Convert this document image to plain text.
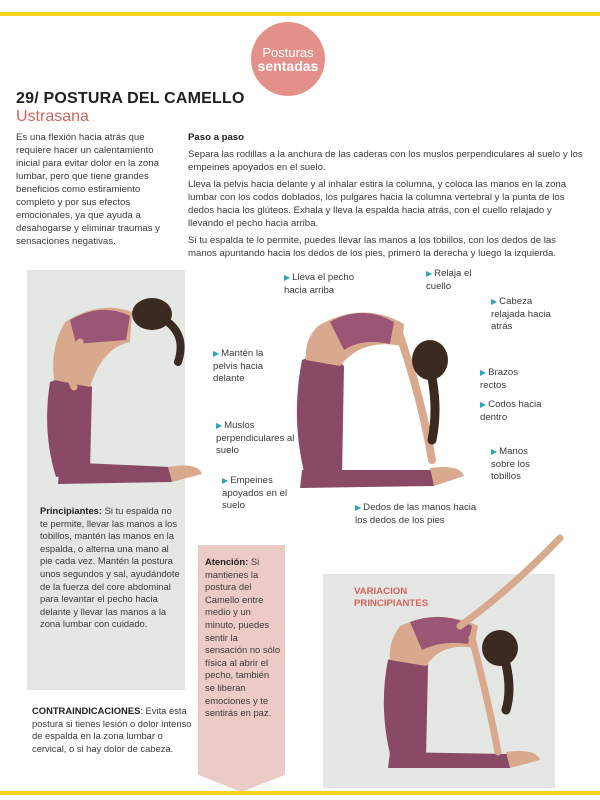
Posturas
sentadas
29/ POSTURA DEL CAMELLO
Ustrasana
Es una flexión hacia atrás que requiere hacer un calentamiento inicial para evitar dolor en la zona lumbar, pero que tiene grandes beneficios como estiramiento completo y por sus efectos emocionales, ya que ayuda a desahogarse y eliminar traumas y sensaciones negativas.

Paso a paso

Separa las rodillas a la anchura de las caderas con los muslos perpendiculares al suelo y los empeines apoyados en el suelo.

Lleva la pelvis hacia delante y al inhalar estira la columna, y coloca las manos en la zona lumbar con los codos doblados, los pulgares hacia la columna vertebral y la punta de los dedos hacia los glúteos. Exhala y lleva la espalda hacia atrás, con el cuello relajado y llevando el pecho hacia arriba.

Si tu espalda te lo permite, puedes llevar las manos a los tobillos, con los dedos de las manos apuntando hacia los dedos de los pies, primero la derecha y luego la izquierda.

▶ Mantén la pelvis hacia delante
▶ Muslos perpendiculares al suelo
▶ Empeines apoyados en el suelo
▶ Lleva el pecho hacia arriba
▶ Relaja el cuello
▶ Cabeza relajada hacia atrás
▶ Brazos rectos
▶ Codos hacia dentro
▶ Manos sobre los tobillos
▶ Dedos de las manos hacia los dedos de los pies
Principiantes: Si tu espalda no te permite, llevar las manos a los tobillos, mantén las manos en la espalda, o alterna una mano al pie cada vez. Mantén la postura unos segundos y sal, ayudándote de la fuerza del core abdominal para levantar el pecho hacia delante y llevar las manos a la zona lumbar con cuidado.
Atención: Si mantienes la postura del Camello entre medio y un minuto, puedes sentir la sensación no sólo física al abrir el pecho, también se liberan emociones y te sentirás en paz.
CONTRAINDICACIONES: Evita esta postura si tienes lesión o dolor intenso de espalda en la zona lumbar o cervical, o si hay dolor de cabeza.
VARIACION PRINCIPIANTES
